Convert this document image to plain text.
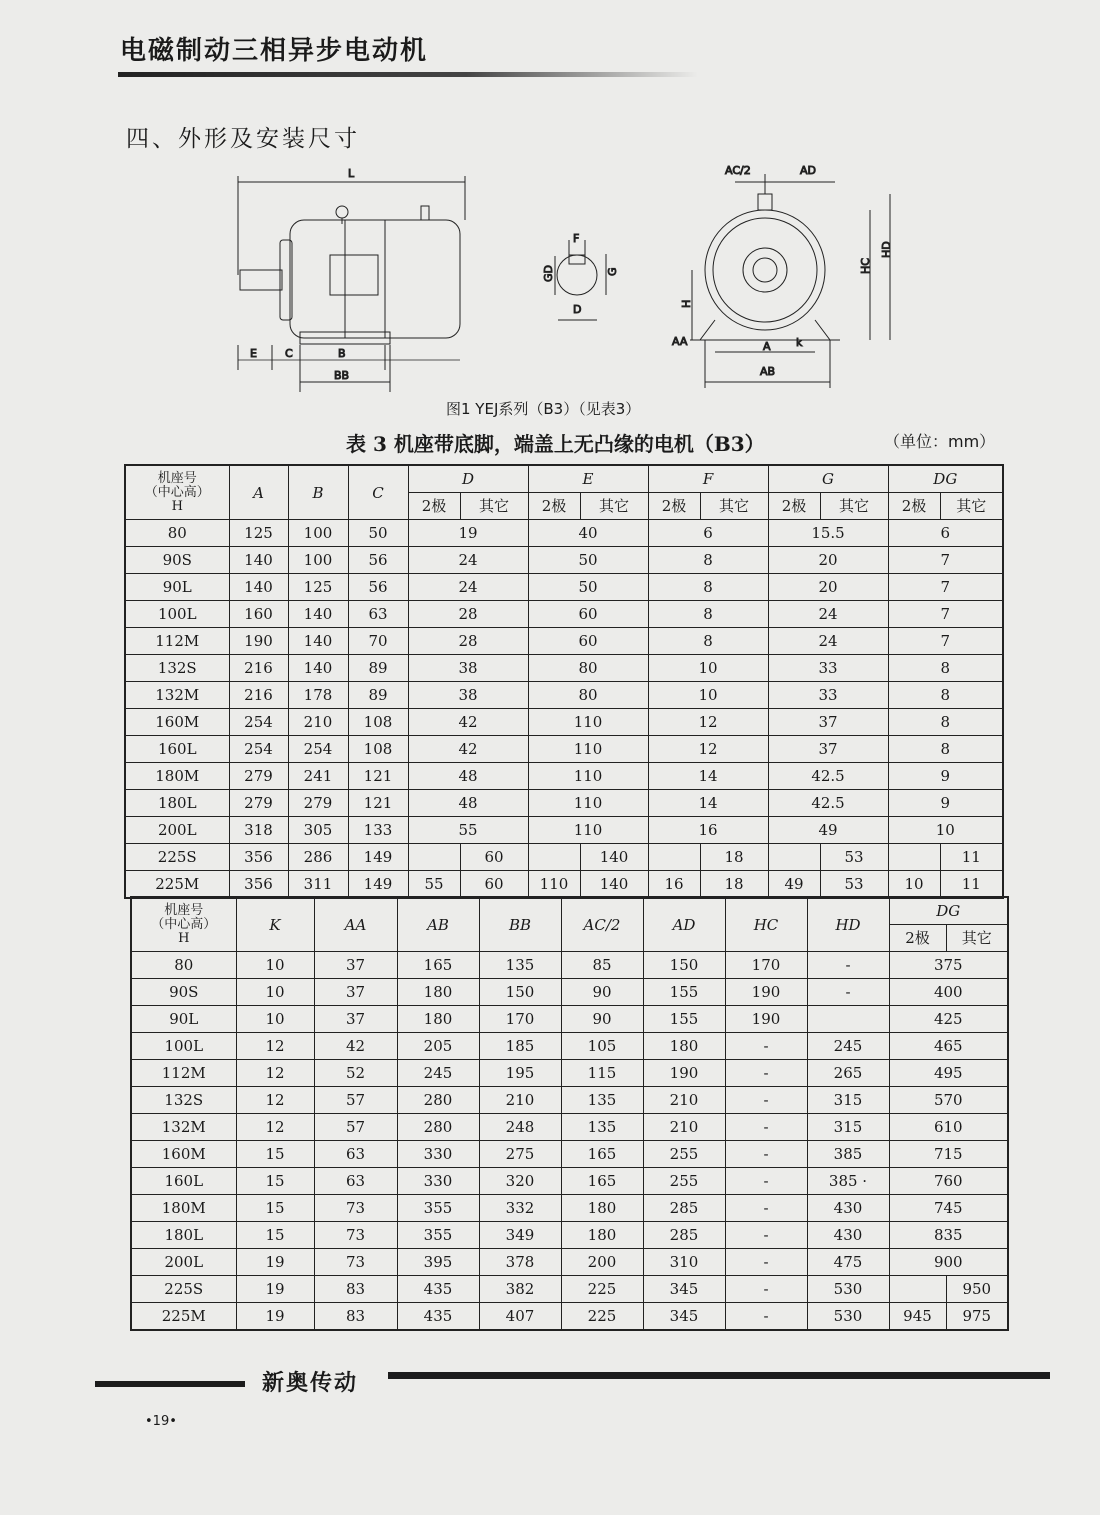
电磁制动三相异步电动机
四、外形及安装尺寸
L
E	C	B
BB
F
GD	G
D
AC/2	AD
HC
HD
H
AA	A
AB
k
图1 YEJ系列（B3）（见表3）
表 3 机座带底脚，端盖上无凸缘的电机（B3）	（单位：mm）
机座号
（中心高）
H	A	B	C	D		E		F		G		DG	
				2极	其它	2极	其它	2极	其它	2极	其它	2极	其它
80	125	100	50	19		40		6		15.5		6	
90S	140	100	56	24		50		8		20		7	
90L	140	125	56	24		50		8		20		7	
100L	160	140	63	28		60		8		24		7	
112M	190	140	70	28		60		8		24		7	
132S	216	140	89	38		80		10		33		8	
132M	216	178	89	38		80		10		33		8	
160M	254	210	108	42		110		12		37		8	
160L	254	254	108	42		110		12		37		8	
180M	279	241	121	48		110		14		42.5		9	
180L	279	279	121	48		110		14		42.5		9	
200L	318	305	133	55		110		16		49		10	
225S	356	286	149		60		140		18		53		11
225M	356	311	149	55	60	110	140	16	18	49	53	10	11
机座号
（中心高）
H	K	AA	AB	BB	AC/2	AD	HC	HD	DG	
									2极	其它
80	10	37	165	135	85	150	170	-	375	
90S	10	37	180	150	90	155	190	-	400	
90L	10	37	180	170	90	155	190		425	
100L	12	42	205	185	105	180	-	245	465	
112M	12	52	245	195	115	190	-	265	495	
132S	12	57	280	210	135	210	-	315	570	
132M	12	57	280	248	135	210	-	315	610	
160M	15	63	330	275	165	255	-	385	715	
160L	15	63	330	320	165	255	-	385 ·	760	
180M	15	73	355	332	180	285	-	430	745	
180L	15	73	355	349	180	285	-	430	835	
200L	19	73	395	378	200	310	-	475	900	
225S	19	83	435	382	225	345	-	530		950
225M	19	83	435	407	225	345	-	530	945	975
新奥传动
•19•
